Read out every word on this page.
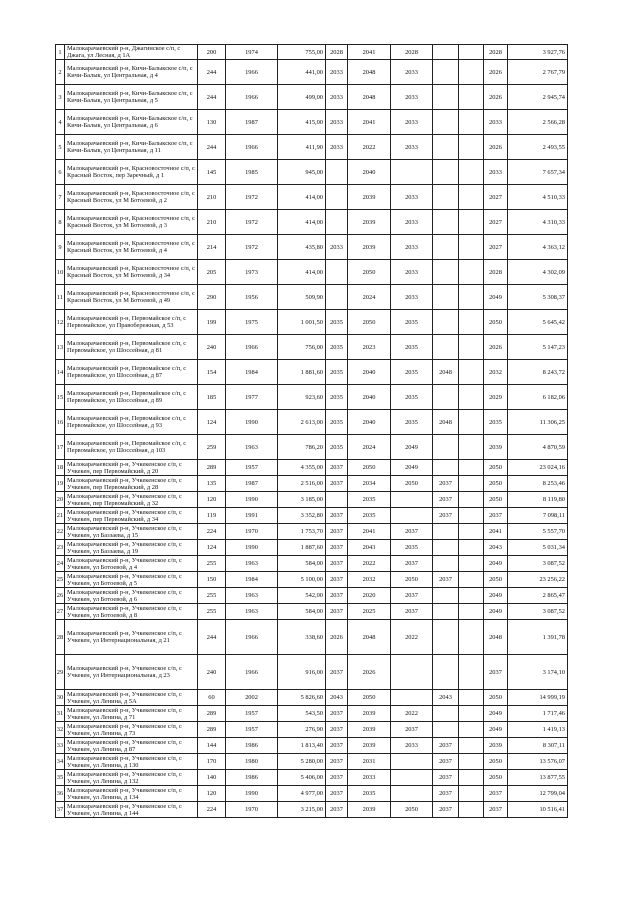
1	Малокарачаевский р-н, Джагинское с/п, с Джага, ул Лесная, д 1А	200	1974	755,00	2028	2041	2028			2028	3 927,76
2	Малокарачаевский р-н, Кичи-Балыкское с/п, с Кичи-Балык, ул Центральная, д 4	244	1966	441,00	2033	2048	2033			2026	2 767,79
3	Малокарачаевский р-н, Кичи-Балыкское с/п, с Кичи-Балык, ул Центральная, д 5	244	1966	499,00	2033	2048	2033			2026	2 945,74
4	Малокарачаевский р-н, Кичи-Балыкское с/п, с Кичи-Балык, ул Центральная, д 6	130	1987	415,00	2033	2041	2033			2033	2 566,28
5	Малокарачаевский р-н, Кичи-Балыкское с/п, с Кичи-Балык, ул Центральная, д 11	244	1966	411,90	2033	2022	2033			2026	2 493,55
6	Малокарачаевский р-н, Красновосточное с/п, с Красный Восток, пер Заречный, д 1	145	1985	945,00		2040				2033	7 657,34
7	Малокарачаевский р-н, Красновосточное с/п, с Красный Восток, ул М Ботоевой, д 2	210	1972	414,00		2039	2033			2027	4 510,33
8	Малокарачаевский р-н, Красновосточное с/п, с Красный Восток, ул М Ботоевой, д 3	210	1972	414,00		2039	2033			2027	4 310,33
9	Малокарачаевский р-н, Красновосточное с/п, с Красный Восток, ул М Ботоевой, д 4	214	1972	435,80	2033	2039	2033			2027	4 363,12
10	Малокарачаевский р-н, Красновосточное с/п, с Красный Восток, ул М Ботоевой, д 34	205	1973	414,00		2050	2033			2028	4 302,09
11	Малокарачаевский р-н, Красновосточное с/п, с Красный Восток, ул М Ботоевой, д 49	290	1956	509,90		2024	2033			2049	5 308,37
12	Малокарачаевский р-н, Первомайское с/п, с Первомайское, ул Правобережная, д 53	199	1975	1 001,50	2035	2050	2035			2050	5 645,42
13	Малокарачаевский р-н, Первомайское с/п, с Первомайское, ул Шоссейная, д 81	240	1966	756,00	2035	2023	2035			2026	5 147,23
14	Малокарачаевский р-н, Первомайское с/п, с Первомайское, ул Шоссейная, д 87	154	1984	1 881,60	2035	2040	2035	2048		2032	8 243,72
15	Малокарачаевский р-н, Первомайское с/п, с Первомайское, ул Шоссейная, д 89	185	1977	923,60	2035	2040	2035			2029	6 182,06
16	Малокарачаевский р-н, Первомайское с/п, с Первомайское, ул Шоссейная, д 93	124	1990	2 613,00	2035	2040	2035	2048		2035	11 306,25
17	Малокарачаевский р-н, Первомайское с/п, с Первомайское, ул Шоссейная, д 103	259	1963	786,20	2035	2024	2049			2039	4 870,59
18	Малокарачаевский р-н, Учкекенское с/п, с Учкекен, пер Первомайский, д 20	289	1957	4 355,00	2037	2050	2049			2050	23 024,16
19	Малокарачаевский р-н, Учкекенское с/п, с Учкекен, пер Первомайский, д 28	135	1987	2 516,00	2037	2034	2050	2037		2050	8 253,46
20	Малокарачаевский р-н, Учкекенское с/п, с Учкекен, пер Первомайский, д 32	120	1990	3 185,00		2035		2037		2050	8 119,80
21	Малокарачаевский р-н, Учкекенское с/п, с Учкекен, пер Первомайский, д 34	119	1991	3 352,80	2037	2035		2037		2037	7 098,11
22	Малокарачаевский р-н, Учкекенское с/п, с Учкекен, ул Баззаева, д 15	224	1970	1 753,70	2037	2041	2037			2041	5 557,70
23	Малокарачаевский р-н, Учкекенское с/п, с Учкекен, ул Баззаева, д 19	124	1990	1 887,60	2037	2043	2035			2043	5 031,34
24	Малокарачаевский р-н, Учкекенское с/п, с Учкекен, ул Ботоевой, д 4	255	1963	584,00	2037	2022	2037			2049	3 087,52
25	Малокарачаевский р-н, Учкекенское с/п, с Учкекен, ул Ботоевой, д 5	150	1984	5 100,00	2037	2032	2050	2037		2050	23 256,22
26	Малокарачаевский р-н, Учкекенское с/п, с Учкекен, ул Ботоевой, д 6	255	1963	542,00	2037	2020	2037			2049	2 865,47
27	Малокарачаевский р-н, Учкекенское с/п, с Учкекен, ул Ботоевой, д 8	255	1963	584,00	2037	2025	2037			2049	3 087,52
28	Малокарачаевский р-н, Учкекенское с/п, с Учкекен, ул Интернациональная, д 21	244	1966	338,60	2026	2048	2022			2048	1 391,78
29	Малокарачаевский р-н, Учкекенское с/п, с Учкекен, ул Интернациональная, д 23	240	1966	916,00	2037	2026				2037	3 174,10
30	Малокарачаевский р-н, Учкекенское с/п, с Учкекен, ул Ленина, д 5А	60	2002	5 826,60	2043	2050		2043		2050	14 999,19
31	Малокарачаевский р-н, Учкекенское с/п, с Учкекен, ул Ленина, д 71	289	1957	543,50	2037	2039	2022			2049	1 717,46
32	Малокарачаевский р-н, Учкекенское с/п, с Учкекен, ул Ленина, д 73	289	1957	276,90	2037	2039	2037			2049	1 419,13
33	Малокарачаевский р-н, Учкекенское с/п, с Учкекен, ул Ленина, д 87	144	1986	1 813,40	2037	2039	2033	2037		2039	8 307,11
34	Малокарачаевский р-н, Учкекенское с/п, с Учкекен, ул Ленина, д 130	170	1980	5 280,00	2037	2031		2037		2050	13 576,07
35	Малокарачаевский р-н, Учкекенское с/п, с Учкекен, ул Ленина, д 132	140	1986	5 406,00	2037	2033		2037		2050	13 877,55
36	Малокарачаевский р-н, Учкекенское с/п, с Учкекен, ул Ленина, д 134	120	1990	4 977,00	2037	2035		2037		2037	12 799,04
37	Малокарачаевский р-н, Учкекенское с/п, с Учкекен, ул Ленина, д 144	224	1970	3 215,00	2037	2039	2050	2037		2037	10 516,41
